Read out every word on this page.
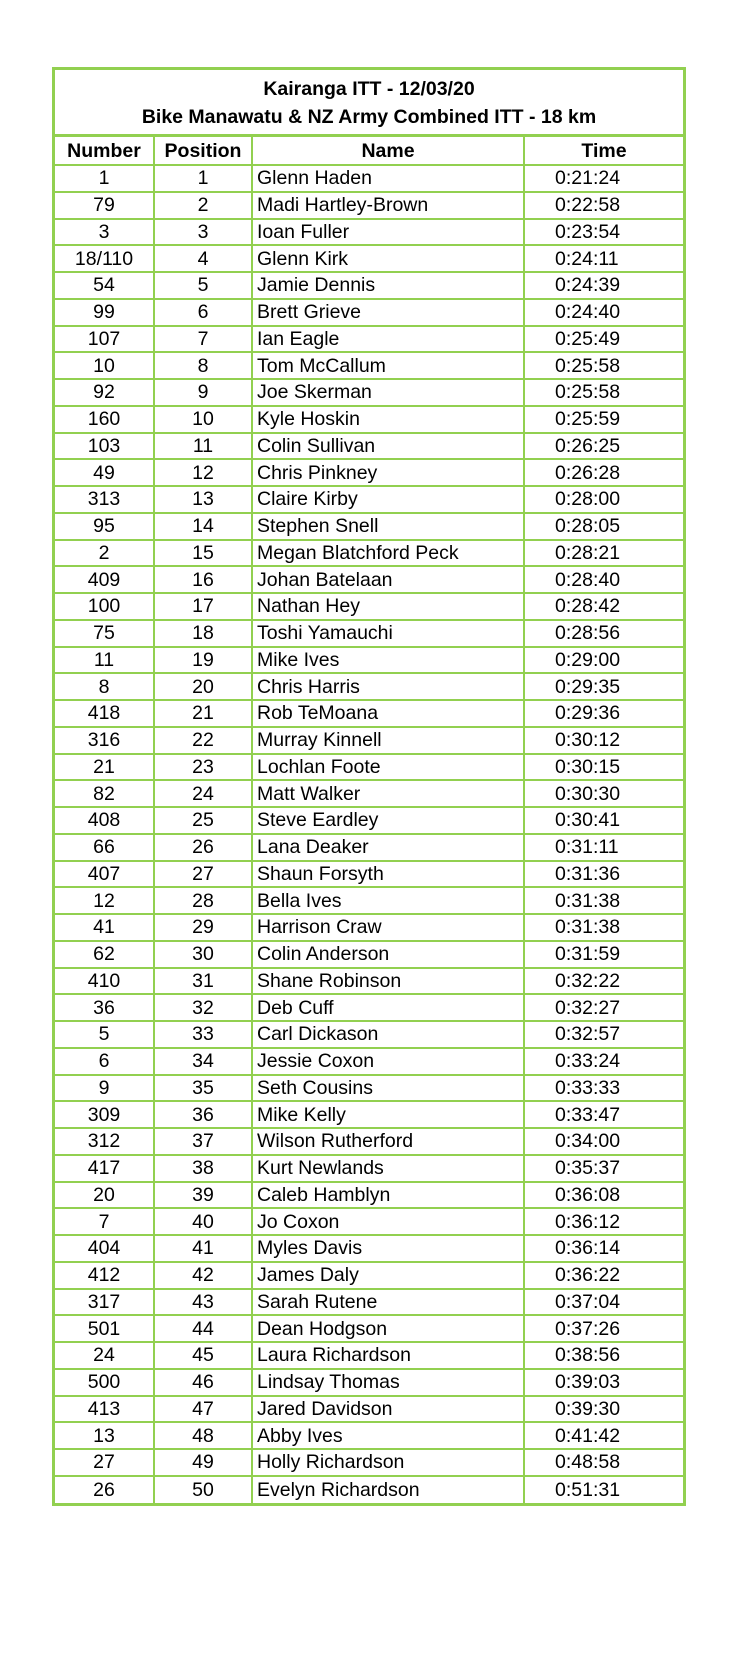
Kairanga ITT - 12/03/20
Bike Manawatu & NZ Army Combined ITT - 18 km
Number	Position	Name	Time
1	1	Glenn Haden	0:21:24
79	2	Madi Hartley-Brown	0:22:58
3	3	Ioan Fuller	0:23:54
18/110	4	Glenn Kirk	0:24:11
54	5	Jamie Dennis	0:24:39
99	6	Brett Grieve	0:24:40
107	7	Ian Eagle	0:25:49
10	8	Tom McCallum	0:25:58
92	9	Joe Skerman	0:25:58
160	10	Kyle Hoskin	0:25:59
103	11	Colin Sullivan	0:26:25
49	12	Chris Pinkney	0:26:28
313	13	Claire Kirby	0:28:00
95	14	Stephen Snell	0:28:05
2	15	Megan Blatchford Peck	0:28:21
409	16	Johan Batelaan	0:28:40
100	17	Nathan Hey	0:28:42
75	18	Toshi Yamauchi	0:28:56
11	19	Mike Ives	0:29:00
8	20	Chris Harris	0:29:35
418	21	Rob TeMoana	0:29:36
316	22	Murray Kinnell	0:30:12
21	23	Lochlan Foote	0:30:15
82	24	Matt Walker	0:30:30
408	25	Steve Eardley	0:30:41
66	26	Lana Deaker	0:31:11
407	27	Shaun Forsyth	0:31:36
12	28	Bella Ives	0:31:38
41	29	Harrison Craw	0:31:38
62	30	Colin Anderson	0:31:59
410	31	Shane Robinson	0:32:22
36	32	Deb Cuff	0:32:27
5	33	Carl Dickason	0:32:57
6	34	Jessie Coxon	0:33:24
9	35	Seth Cousins	0:33:33
309	36	Mike Kelly	0:33:47
312	37	Wilson Rutherford	0:34:00
417	38	Kurt Newlands	0:35:37
20	39	Caleb Hamblyn	0:36:08
7	40	Jo Coxon	0:36:12
404	41	Myles Davis	0:36:14
412	42	James Daly	0:36:22
317	43	Sarah Rutene	0:37:04
501	44	Dean Hodgson	0:37:26
24	45	Laura Richardson	0:38:56
500	46	Lindsay Thomas	0:39:03
413	47	Jared Davidson	0:39:30
13	48	Abby Ives	0:41:42
27	49	Holly Richardson	0:48:58
26	50	Evelyn Richardson	0:51:31
